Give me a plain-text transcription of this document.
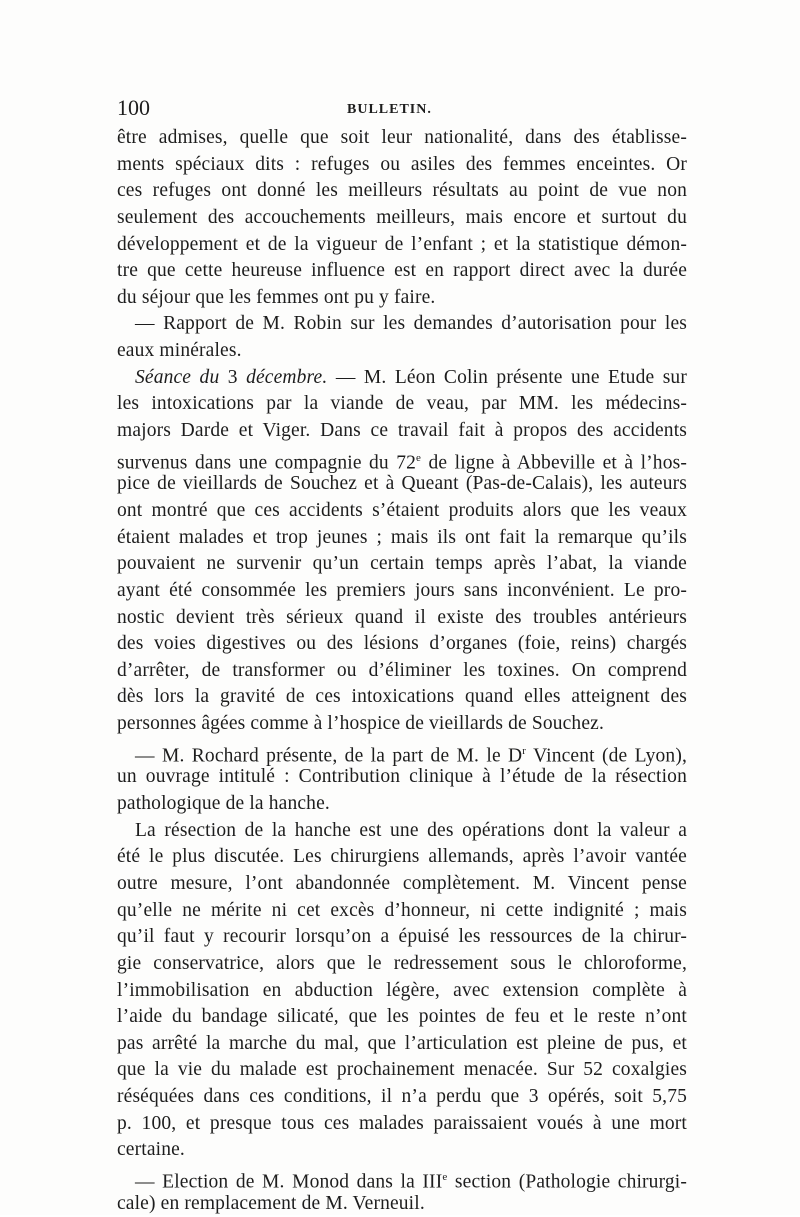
100	BULLETIN.
être admises, quelle que soit leur nationalité, dans des établisse-
ments spéciaux dits : refuges ou asiles des femmes enceintes. Or
ces refuges ont donné les meilleurs résultats au point de vue non
seulement des accouchements meilleurs, mais encore et surtout du
développement et de la vigueur de l’enfant ; et la statistique démon-
tre que cette heureuse influence est en rapport direct avec la durée
du séjour que les femmes ont pu y faire.
— Rapport de M. Robin sur les demandes d’autorisation pour les
eaux minérales.
Séance du 3 décembre. — M. Léon Colin présente une Etude sur
les intoxications par la viande de veau, par MM. les médecins-
majors Darde et Viger. Dans ce travail fait à propos des accidents
survenus dans une compagnie du 72e de ligne à Abbeville et à l’hos-
pice de vieillards de Souchez et à Queant (Pas-de-Calais), les auteurs
ont montré que ces accidents s’étaient produits alors que les veaux
étaient malades et trop jeunes ; mais ils ont fait la remarque qu’ils
pouvaient ne survenir qu’un certain temps après l’abat, la viande
ayant été consommée les premiers jours sans inconvénient. Le pro-
nostic devient très sérieux quand il existe des troubles antérieurs
des voies digestives ou des lésions d’organes (foie, reins) chargés
d’arrêter, de transformer ou d’éliminer les toxines. On comprend
dès lors la gravité de ces intoxications quand elles atteignent des
personnes âgées comme à l’hospice de vieillards de Souchez.
— M. Rochard présente, de la part de M. le $D^r$ Vincent (de Lyon),
un ouvrage intitulé : Contribution clinique à l’étude de la résection
pathologique de la hanche.
La résection de la hanche est une des opérations dont la valeur a
été le plus discutée. Les chirurgiens allemands, après l’avoir vantée
outre mesure, l’ont abandonnée complètement. M. Vincent pense
qu’elle ne mérite ni cet excès d’honneur, ni cette indignité ; mais
qu’il faut y recourir lorsqu’on a épuisé les ressources de la chirur-
gie conservatrice, alors que le redressement sous le chloroforme,
l’immobilisation en abduction légère, avec extension complète à
l’aide du bandage silicaté, que les pointes de feu et le reste n’ont
pas arrêté la marche du mal, que l’articulation est pleine de pus, et
que la vie du malade est prochainement menacée. Sur 52 coxalgies
réséquées dans ces conditions, il n’a perdu que 3 opérés, soit 5,75
p. 100, et presque tous ces malades paraissaient voués à une mort
certaine.
— Election de M. Monod dans la IIIe section (Pathologie chirurgi-
cale) en remplacement de M. Verneuil.
